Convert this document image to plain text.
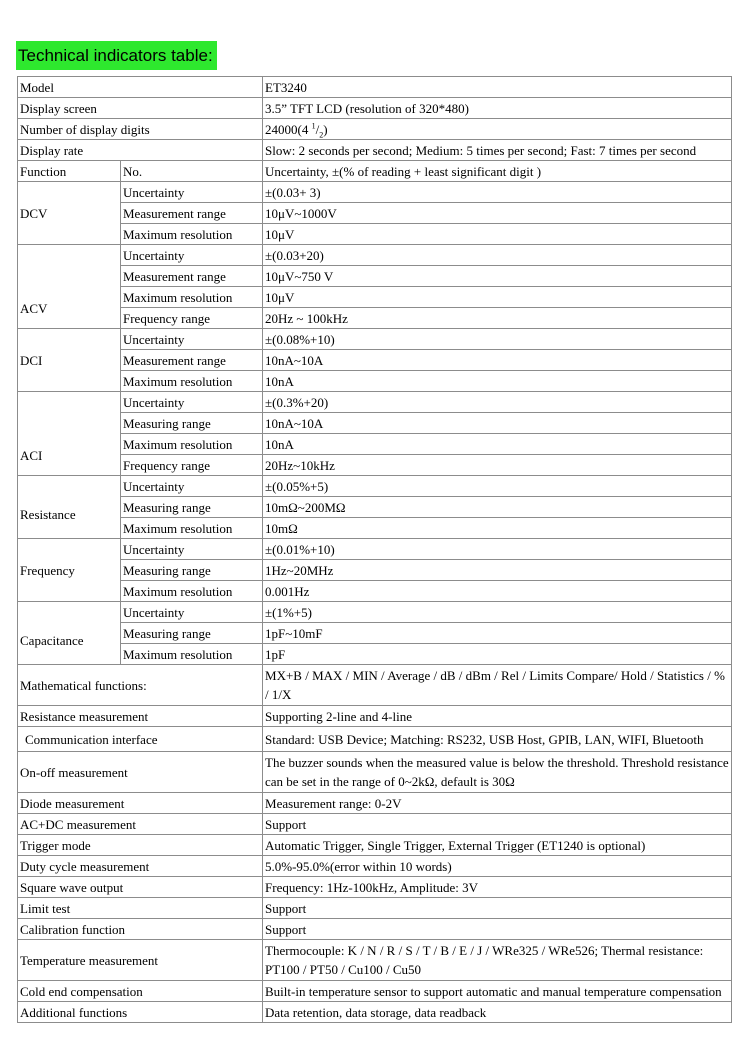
Technical indicators table:
Model		ET3240
Display screen		3.5” TFT LCD (resolution of 320*480)
Number of display digits		24000(4 $^1/_2$)
Display rate		Slow: 2 seconds per second; Medium: 5 times per second; Fast: 7 times per second
Function	No.	Uncertainty, ±(% of reading + least significant digit )
DCV	Uncertainty	±(0.03+ 3)
	Measurement range	10μV~1000V
	Maximum resolution	10μV
ACV	Uncertainty	±(0.03+20)
	Measurement range	10μV~750 V
	Maximum resolution	10μV
	Frequency range	20Hz ~ 100kHz
DCI	Uncertainty	±(0.08%+10)
	Measurement range	10nA~10A
	Maximum resolution	10nA
ACI	Uncertainty	±(0.3%+20)
	Measuring range	10nA~10A
	Maximum resolution	10nA
	Frequency range	20Hz~10kHz
Resistance	Uncertainty	±(0.05%+5)
	Measuring range	10mΩ~200MΩ
	Maximum resolution	10mΩ
Frequency	Uncertainty	±(0.01%+10)
	Measuring range	1Hz~20MHz
	Maximum resolution	0.001Hz
Capacitance	Uncertainty	±(1%+5)
	Measuring range	1pF~10mF
	Maximum resolution	1pF
Mathematical functions:		MX+B / MAX / MIN / Average / dB / dBm / Rel / Limits Compare/ Hold / Statistics / % / 1/X
Resistance measurement		Supporting 2-line and 4-line
Communication interface		Standard: USB Device; Matching: RS232, USB Host, GPIB, LAN, WIFI, Bluetooth
On-off measurement		The buzzer sounds when the measured value is below the threshold. Threshold resistance can be set in the range of 0~2kΩ, default is 30Ω
Diode measurement		Measurement range: 0-2V
AC+DC measurement		Support
Trigger mode		Automatic Trigger, Single Trigger, External Trigger (ET1240 is optional)
Duty cycle measurement		5.0%-95.0%(error within 10 words)
Square wave output		Frequency: 1Hz-100kHz, Amplitude: 3V
Limit test		Support
Calibration function		Support
Temperature measurement		Thermocouple: K / N / R / S / T / B / E / J / WRe325 / WRe526; Thermal resistance: PT100 / PT50 / Cu100 / Cu50
Cold end compensation		Built-in temperature sensor to support automatic and manual temperature compensation
Additional functions		Data retention, data storage, data readback
